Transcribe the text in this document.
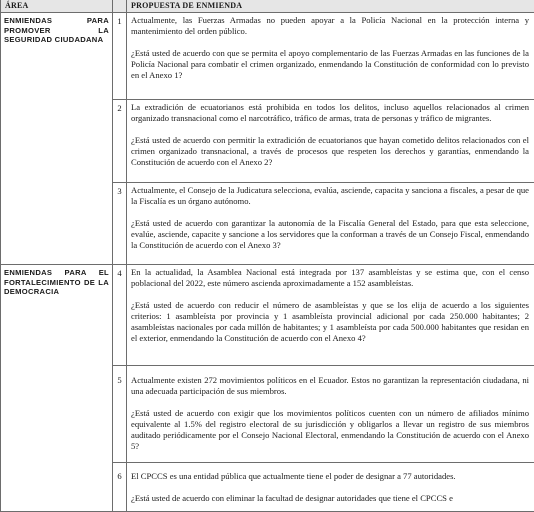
ÁREA		PROPUESTA DE ENMIENDA
ENMIENDAS PARA PROMOVER LA SEGURIDAD CIUDADANA	1	Actualmente, las Fuerzas Armadas no pueden apoyar a la Policía Nacional en la protección interna y mantenimiento del orden público.

¿Está usted de acuerdo con que se permita el apoyo complementario de las Fuerzas Armadas en las funciones de la Policía Nacional para combatir el crimen organizado, enmendando la Constitución de conformidad con lo previsto en el Anexo 1?

	2	La extradición de ecuatorianos está prohibida en todos los delitos, incluso aquellos relacionados al crimen organizado transnacional como el narcotráfico, tráfico de armas, trata de personas y tráfico de migrantes.

¿Está usted de acuerdo con permitir la extradición de ecuatorianos que hayan cometido delitos relacionados con el crimen organizado transnacional, a través de procesos que respeten los derechos y garantías, enmendando la Constitución de acuerdo con el Anexo 2?

	3	Actualmente, el Consejo de la Judicatura selecciona, evalúa, asciende, capacita y sanciona a fiscales, a pesar de que la Fiscalía es un órgano autónomo.

¿Está usted de acuerdo con garantizar la autonomía de la Fiscalía General del Estado, para que esta seleccione, evalúe, asciende, capacite y sancione a los servidores que la conforman a través de un Consejo Fiscal, enmendando la Constitución de acuerdo con el Anexo 3?

ENMIENDAS PARA EL FORTALECIMIENTO DE LA DEMOCRACIA	4	En la actualidad, la Asamblea Nacional está integrada por 137 asambleístas y se estima que, con el censo poblacional del 2022, este número ascienda aproximadamente a 152 asambleístas.

¿Está usted de acuerdo con reducir el número de asambleístas y que se los elija de acuerdo a los siguientes criterios: 1 asambleísta por provincia y 1 asambleísta provincial adicional por cada 250.000 habitantes; 2 asambleístas nacionales por cada millón de habitantes; y 1 asambleísta por cada 500.000 habitantes que residan en el exterior, enmendando la Constitución de acuerdo con el Anexo 4?

	5	Actualmente existen 272 movimientos políticos en el Ecuador. Estos no garantizan la representación ciudadana, ni una adecuada participación de sus miembros.

¿Está usted de acuerdo con exigir que los movimientos políticos cuenten con un número de afiliados mínimo equivalente al 1.5% del registro electoral de su jurisdicción y obligarlos a llevar un registro de sus miembros auditado periódicamente por el Consejo Nacional Electoral, enmendando la Constitución de acuerdo con el Anexo 5?

	6	El CPCCS es una entidad pública que actualmente tiene el poder de designar a 77 autoridades.

¿Está usted de acuerdo con eliminar la facultad de designar autoridades que tiene el CPCCS e
